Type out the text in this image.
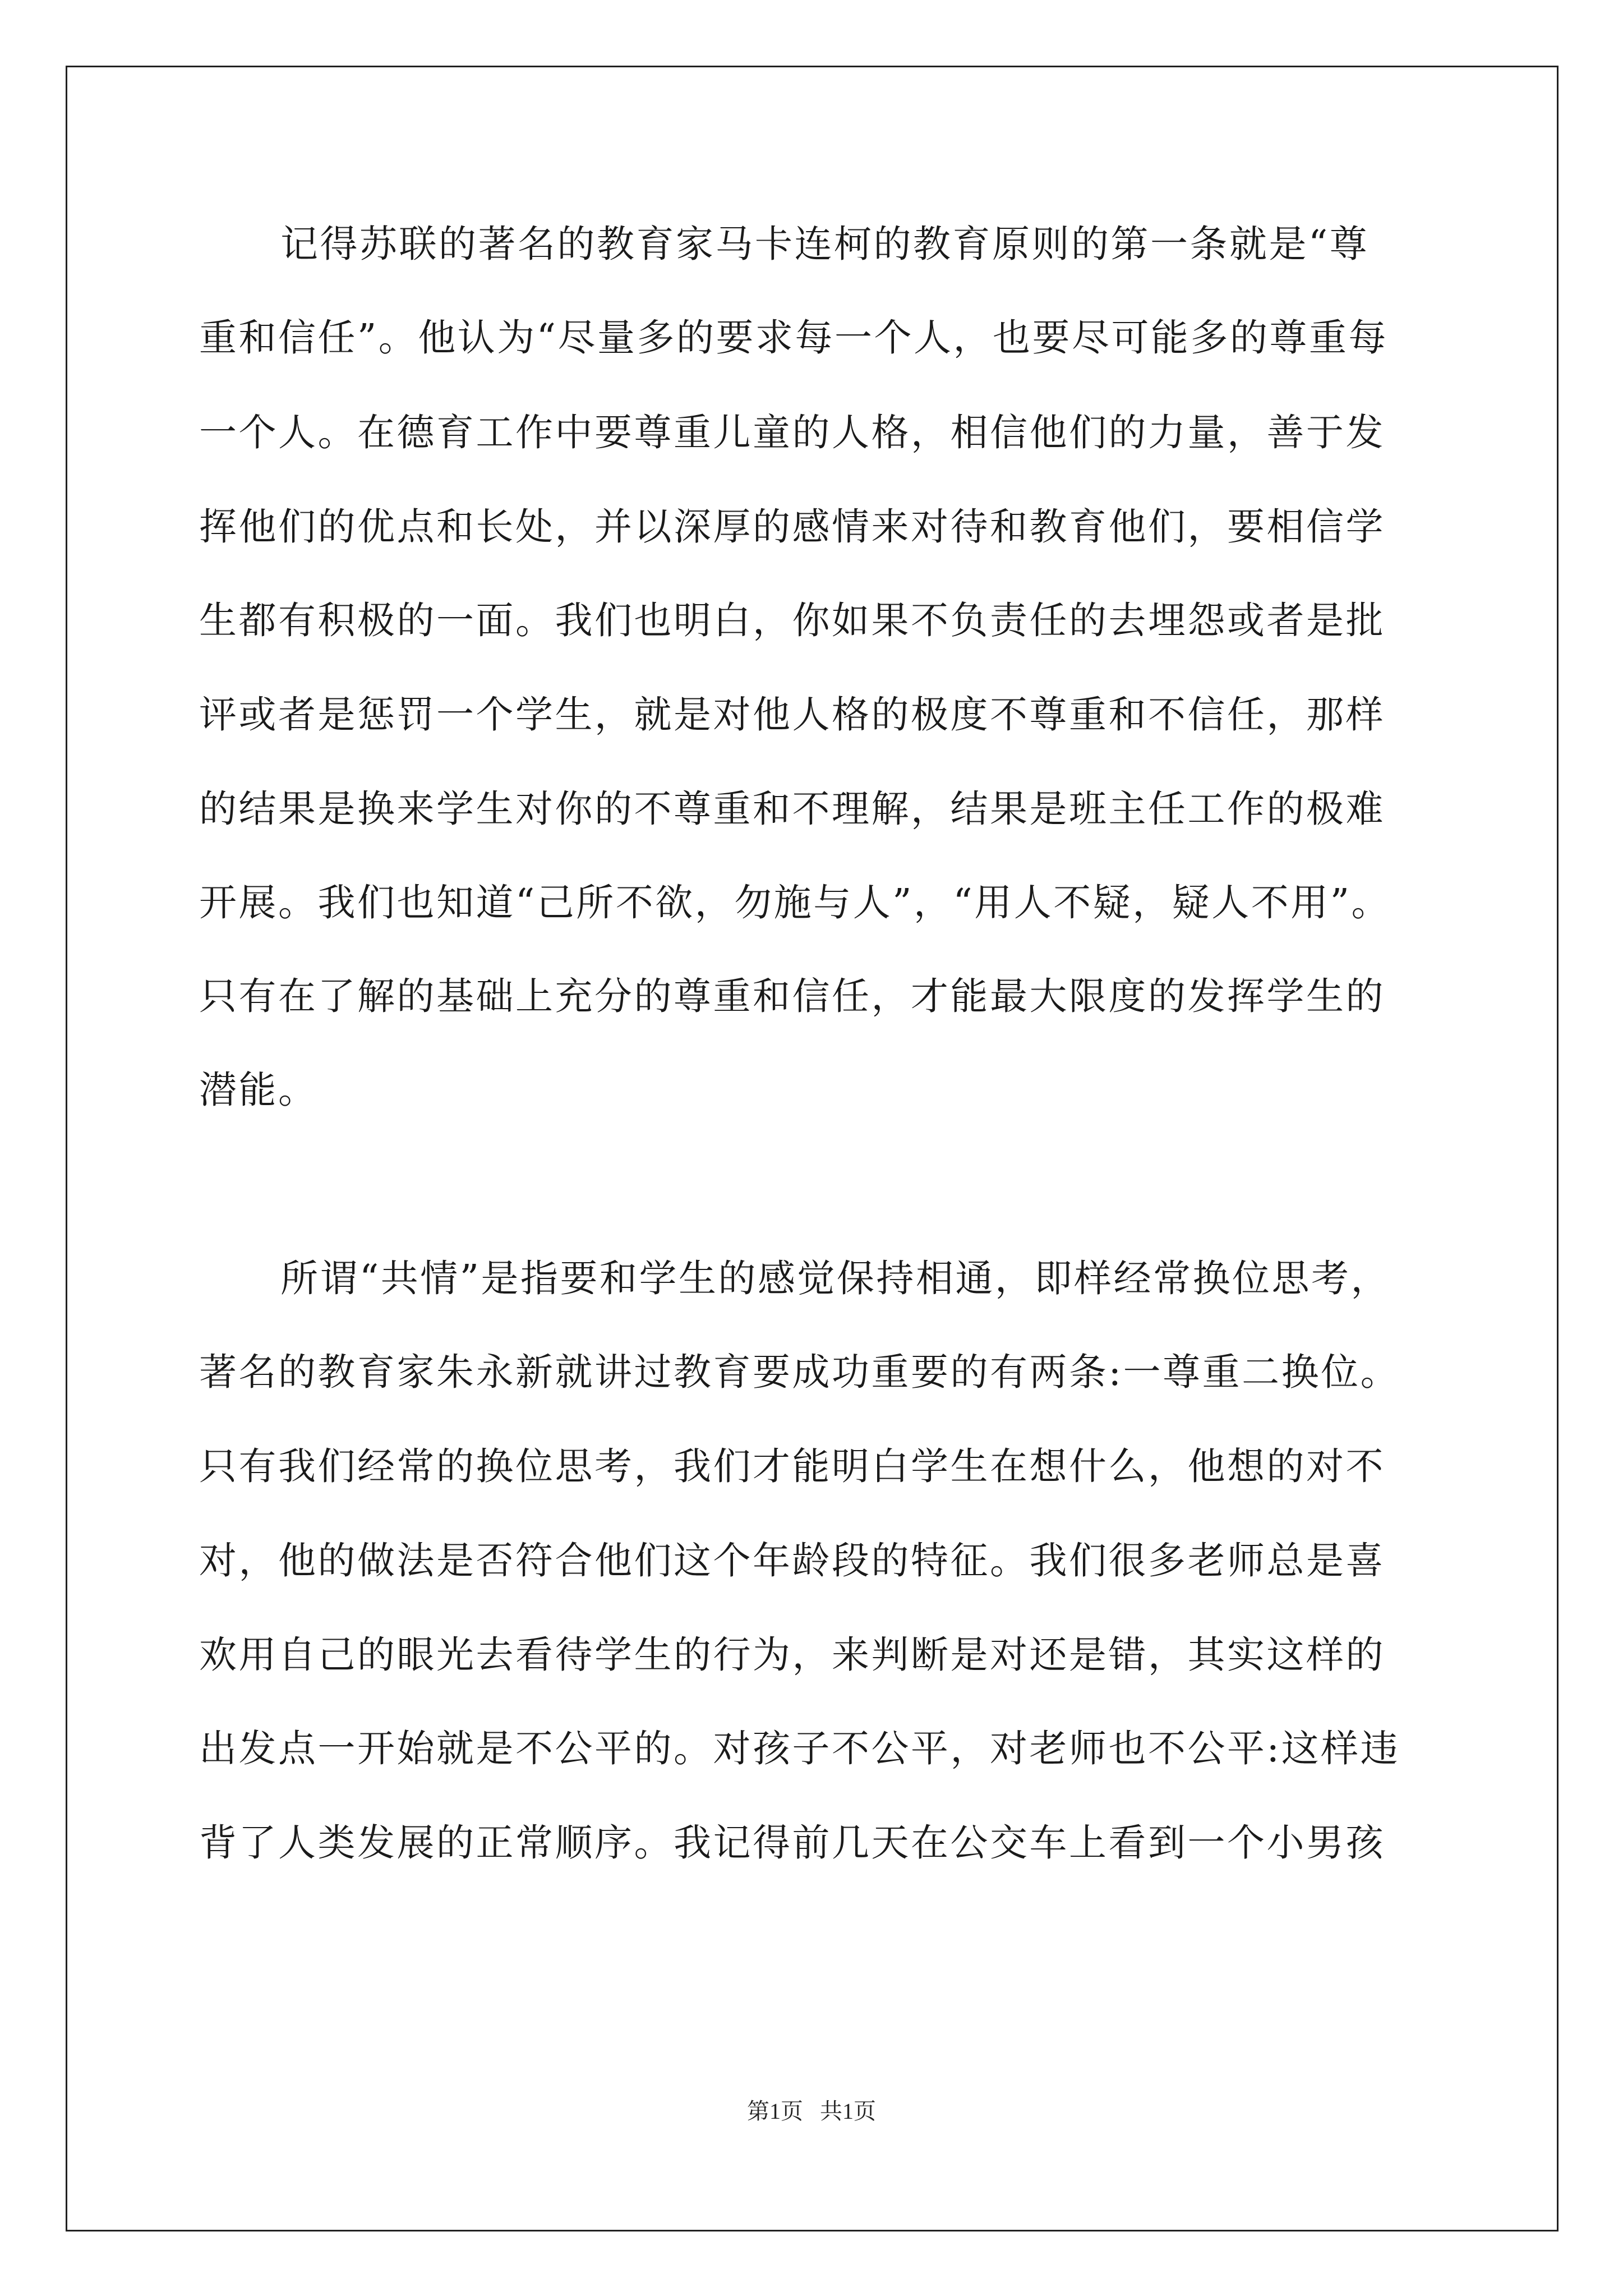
记得苏联的著名的教育家马卡连柯的教育原则的第一条就是“尊
重和信任”。他认为“尽量多的要求每一个人，也要尽可能多的尊重每
一个人。在德育工作中要尊重儿童的人格，相信他们的力量，善于发
挥他们的优点和长处，并以深厚的感情来对待和教育他们，要相信学
生都有积极的一面。我们也明白，你如果不负责任的去埋怨或者是批
评或者是惩罚一个学生，就是对他人格的极度不尊重和不信任，那样
的结果是换来学生对你的不尊重和不理解，结果是班主任工作的极难
开展。我们也知道“己所不欲，勿施与人”，“用人不疑，疑人不用”。
只有在了解的基础上充分的尊重和信任，才能最大限度的发挥学生的
潜能。
所谓“共情”是指要和学生的感觉保持相通，即样经常换位思考，
著名的教育家朱永新就讲过教育要成功重要的有两条:一尊重二换位。
只有我们经常的换位思考，我们才能明白学生在想什么，他想的对不
对，他的做法是否符合他们这个年龄段的特征。我们很多老师总是喜
欢用自己的眼光去看待学生的行为，来判断是对还是错，其实这样的
出发点一开始就是不公平的。对孩子不公平，对老师也不公平:这样违
背了人类发展的正常顺序。我记得前几天在公交车上看到一个小男孩
第1页   共1页
